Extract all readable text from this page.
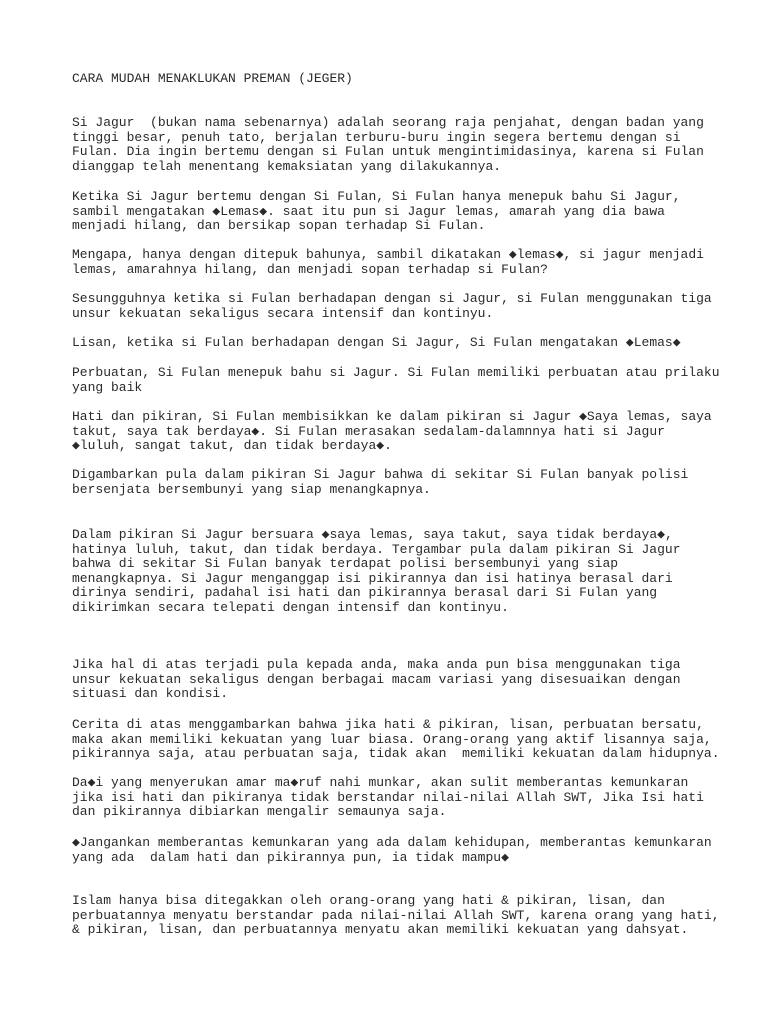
CARA MUDAH MENAKLUKAN PREMAN (JEGER)
Si Jagur  (bukan nama sebenarnya) adalah seorang raja penjahat, dengan badan yang
tinggi besar, penuh tato, berjalan terburu-buru ingin segera bertemu dengan si
Fulan. Dia ingin bertemu dengan si Fulan untuk mengintimidasinya, karena si Fulan
dianggap telah menentang kemaksiatan yang dilakukannya.
Ketika Si Jagur bertemu dengan Si Fulan, Si Fulan hanya menepuk bahu Si Jagur,
sambil mengatakan ◆Lemas◆. saat itu pun si Jagur lemas, amarah yang dia bawa
menjadi hilang, dan bersikap sopan terhadap Si Fulan.
Mengapa, hanya dengan ditepuk bahunya, sambil dikatakan ◆lemas◆, si jagur menjadi
lemas, amarahnya hilang, dan menjadi sopan terhadap si Fulan?
Sesungguhnya ketika si Fulan berhadapan dengan si Jagur, si Fulan menggunakan tiga
unsur kekuatan sekaligus secara intensif dan kontinyu.
Lisan, ketika si Fulan berhadapan dengan Si Jagur, Si Fulan mengatakan ◆Lemas◆
Perbuatan, Si Fulan menepuk bahu si Jagur. Si Fulan memiliki perbuatan atau prilaku
yang baik
Hati dan pikiran, Si Fulan membisikkan ke dalam pikiran si Jagur ◆Saya lemas, saya
takut, saya tak berdaya◆. Si Fulan merasakan sedalam-dalamnnya hati si Jagur
◆luluh, sangat takut, dan tidak berdaya◆.
Digambarkan pula dalam pikiran Si Jagur bahwa di sekitar Si Fulan banyak polisi
bersenjata bersembunyi yang siap menangkapnya.
Dalam pikiran Si Jagur bersuara ◆saya lemas, saya takut, saya tidak berdaya◆,
hatinya luluh, takut, dan tidak berdaya. Tergambar pula dalam pikiran Si Jagur
bahwa di sekitar Si Fulan banyak terdapat polisi bersembunyi yang siap
menangkapnya. Si Jagur menganggap isi pikirannya dan isi hatinya berasal dari
dirinya sendiri, padahal isi hati dan pikirannya berasal dari Si Fulan yang
dikirimkan secara telepati dengan intensif dan kontinyu.
Jika hal di atas terjadi pula kepada anda, maka anda pun bisa menggunakan tiga
unsur kekuatan sekaligus dengan berbagai macam variasi yang disesuaikan dengan
situasi dan kondisi.
Cerita di atas menggambarkan bahwa jika hati & pikiran, lisan, perbuatan bersatu,
maka akan memiliki kekuatan yang luar biasa. Orang-orang yang aktif lisannya saja,
pikirannya saja, atau perbuatan saja, tidak akan  memiliki kekuatan dalam hidupnya.
Da◆i yang menyerukan amar ma◆ruf nahi munkar, akan sulit memberantas kemunkaran
jika isi hati dan pikiranya tidak berstandar nilai-nilai Allah SWT, Jika Isi hati
dan pikirannya dibiarkan mengalir semaunya saja.
◆Jangankan memberantas kemunkaran yang ada dalam kehidupan, memberantas kemunkaran
yang ada  dalam hati dan pikirannya pun, ia tidak mampu◆
Islam hanya bisa ditegakkan oleh orang-orang yang hati & pikiran, lisan, dan
perbuatannya menyatu berstandar pada nilai-nilai Allah SWT, karena orang yang hati,
& pikiran, lisan, dan perbuatannya menyatu akan memiliki kekuatan yang dahsyat.
